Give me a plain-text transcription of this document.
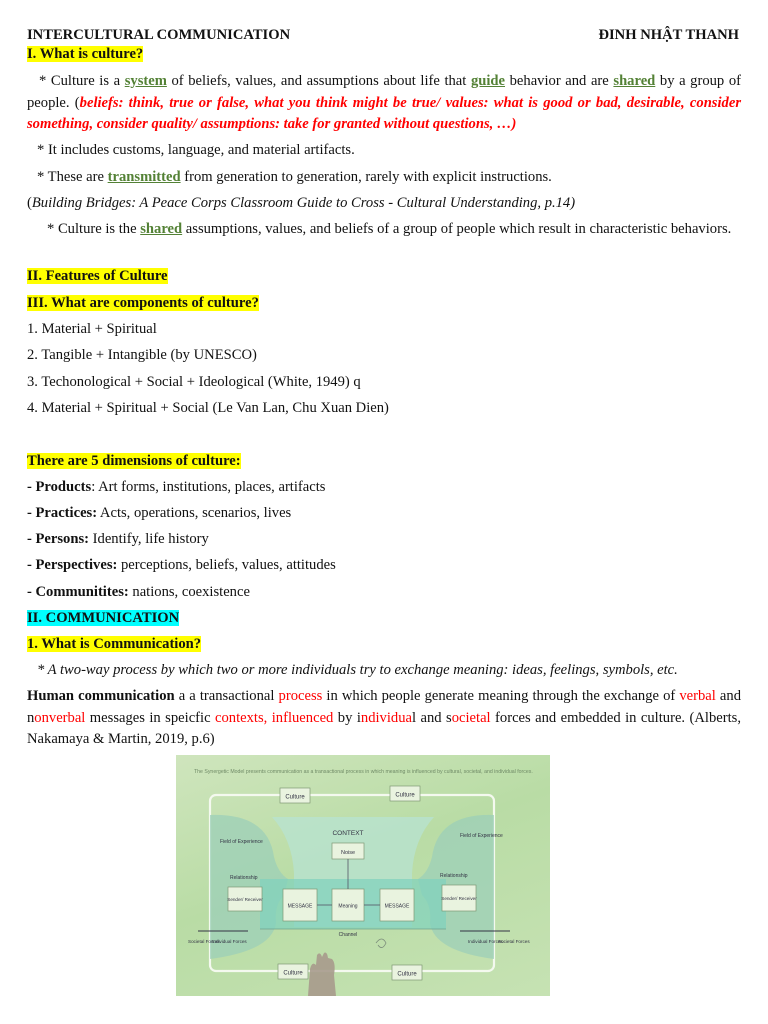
INTERCULTURAL COMMUNICATION	ĐINH NHẬT THANH

I. What is culture?

* Culture is a system of beliefs, values, and assumptions about life that guide behavior and are shared by a group of people. (beliefs: think, true or false, what you think might be true/ values: what is good or bad, desirable, consider something, consider quality/ assumptions: take for granted without questions, …)

* It includes customs, language, and material artifacts.

* These are transmitted from generation to generation, rarely with explicit instructions.

(Building Bridges: A Peace Corps Classroom Guide to Cross - Cultural Understanding, p.14)

* Culture is the shared assumptions, values, and beliefs of a group of people which result in characteristic behaviors.

II. Features of Culture

III. What are components of culture?

1. Material + Spiritual

2. Tangible + Intangible (by UNESCO)

3. Techonological + Social + Ideological (White, 1949) q

4. Material + Spiritual + Social (Le Van Lan, Chu Xuan Dien)

There are 5 dimensions of culture:

- Products: Art forms, institutions, places, artifacts

- Practices: Acts, operations, scenarios, lives

- Persons: Identify, life history

- Perspectives: perceptions, beliefs, values, attitudes

- Communitites: nations, coexistence

II. COMMUNICATION

1. What is Communication?

* A two-way process by which two or more individuals try to exchange meaning: ideas, feelings, symbols, etc.

Human communication a a transactional process in which people generate meaning through the exchange of verbal and nonverbal messages in speicfic contexts, influenced by individual and societal forces and embedded in culture. (Alberts, Nakamaya & Martin, 2019, p.6)

The Synergetic Model presents communication as a transactional process in which meaning is influenced by cultural, societal, and individual forces.
Culture	Culture
Culture	Culture
CONTEXT
Noise
Channel
MESSAGE	Meaning	MESSAGE
Field of Experience
Field of Experience
Relationship	Relationship
Sender/ Receiver	Sender/ Receiver
Societal Forces
Individual Forces	Individual Forces
Societal Forces
